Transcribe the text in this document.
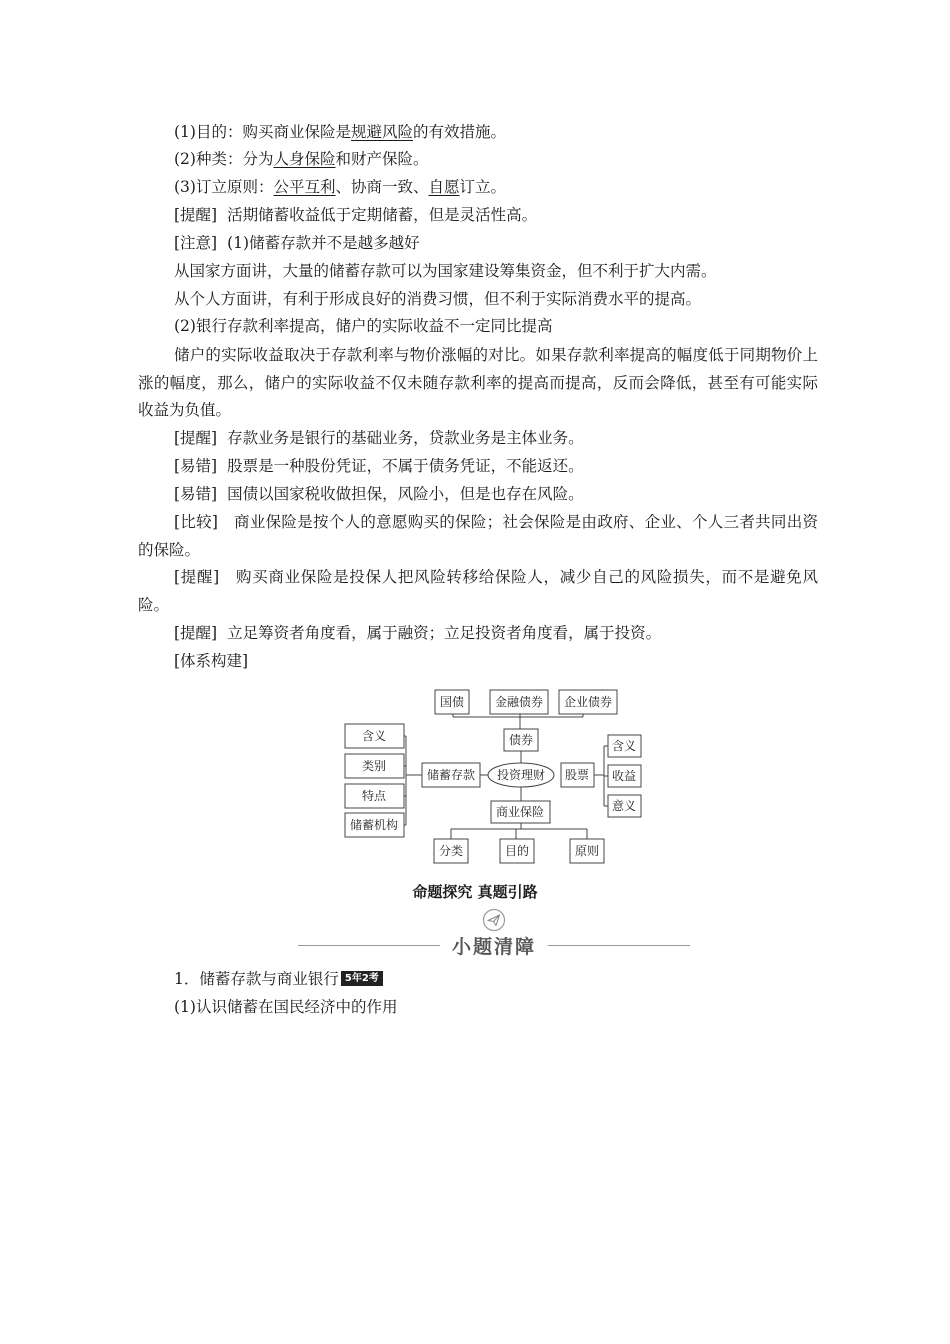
(1)目的：购买商业保险是规避风险的有效措施。
(2)种类：分为人身保险和财产保险。
(3)订立原则：公平互利、协商一致、自愿订立。
[提醒] 活期储蓄收益低于定期储蓄，但是灵活性高。
[注意] (1)储蓄存款并不是越多越好
从国家方面讲，大量的储蓄存款可以为国家建设筹集资金，但不利于扩大内需。
从个人方面讲，有利于形成良好的消费习惯，但不利于实际消费水平的提高。
(2)银行存款利率提高，储户的实际收益不一定同比提高
储户的实际收益取决于存款利率与物价涨幅的对比。如果存款利率提高的幅度低于同期物价上涨的幅度，那么，储户的实际收益不仅未随存款利率的提高而提高，反而会降低，甚至有可能实际收益为负值。
[提醒] 存款业务是银行的基础业务，贷款业务是主体业务。
[易错] 股票是一种股份凭证，不属于债务凭证，不能返还。
[易错] 国债以国家税收做担保，风险小，但是也存在风险。
[比较]　商业保险是按个人的意愿购买的保险；社会保险是由政府、企业、个人三者共同出资的保险。
[提醒]　购买商业保险是投保人把风险转移给保险人，减少自己的风险损失，而不是避免风险。
[提醒] 立足筹资者角度看，属于融资；立足投资者角度看，属于投资。
[体系构建]
国债	金融债券 企业债券
债券
含义
类别
特点
储蓄机构
储蓄存款 投资理财 股票
含义
收益
意义
商业保险
分类	目的	原则
命题探究 真题引路
小题清障
1．储蓄存款与商业银行 5年2考
(1)认识储蓄在国民经济中的作用
